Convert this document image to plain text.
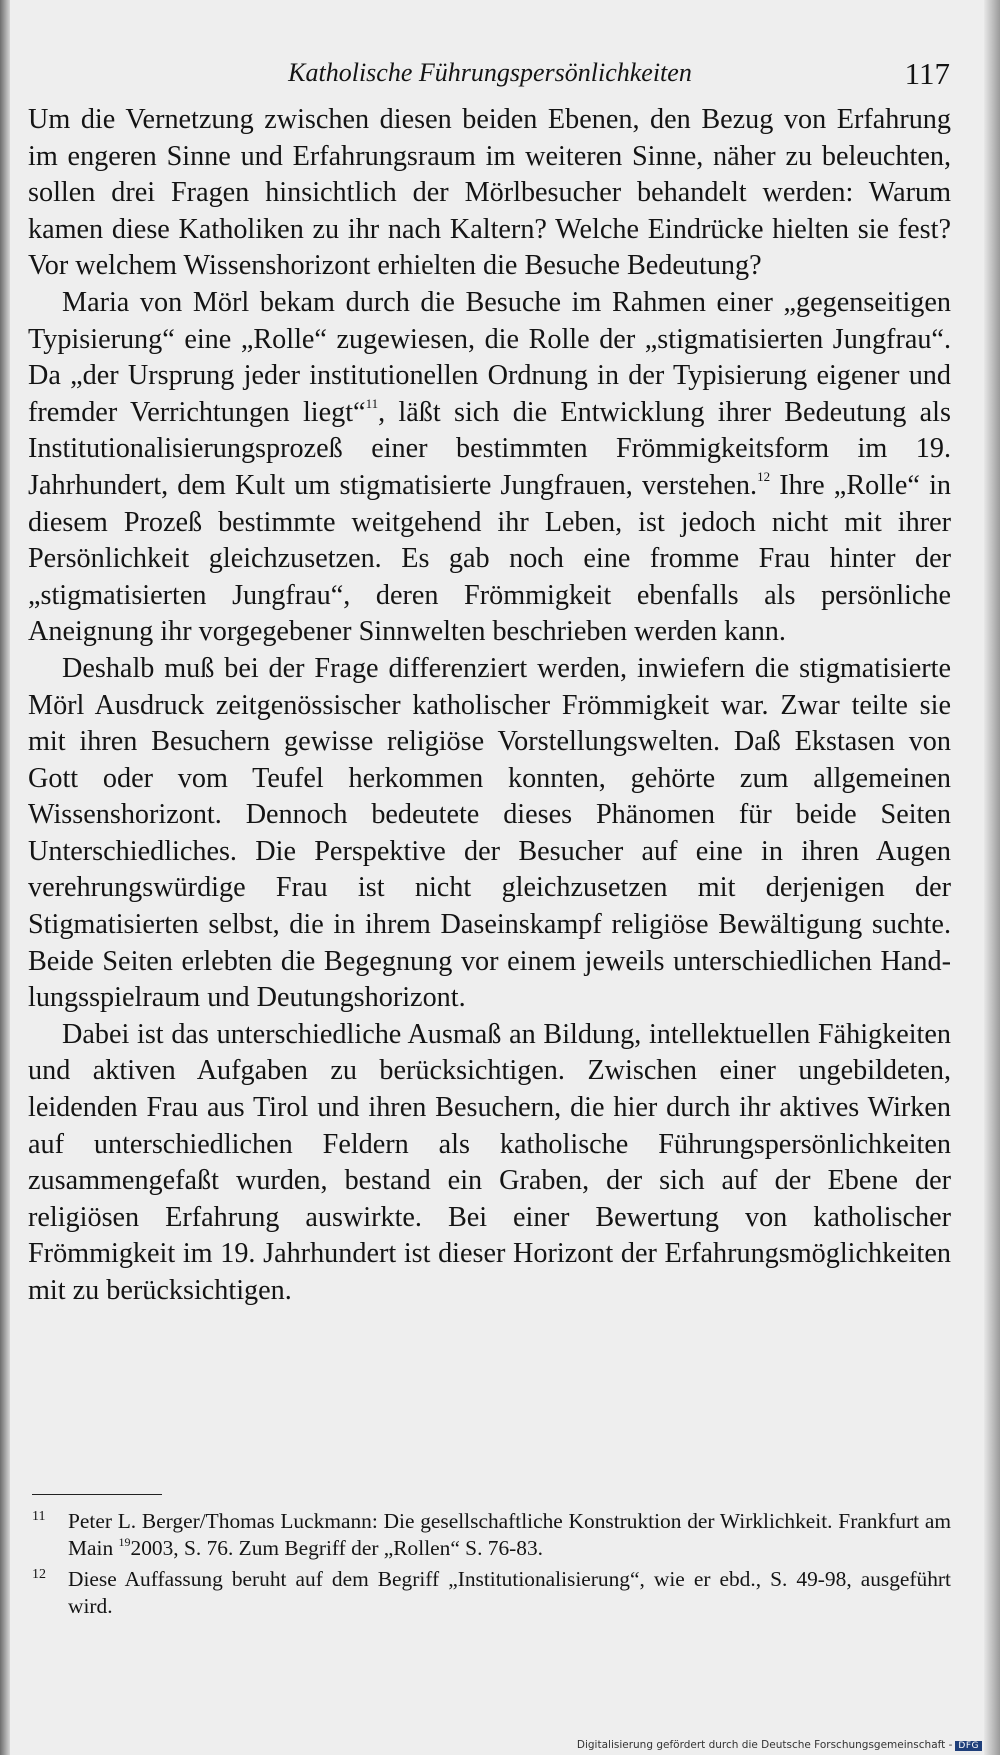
Katholische Führungspersönlichkeiten	117

Um die Vernetzung zwischen diesen beiden Ebenen, den Bezug von Erfahrung im engeren Sinne und Erfahrungsraum im weiteren Sinne, näher zu beleuchten, sollen drei Fragen hinsichtlich der Mörlbesucher behandelt werden: Warum kamen diese Katholiken zu ihr nach Kaltern? Welche Eindrücke hielten sie fest? Vor welchem Wissenshorizont erhielten die Besuche Bedeutung?

Maria von Mörl bekam durch die Besuche im Rahmen einer „gegenseitigen Typisierung“ eine „Rolle“ zugewiesen, die Rolle der „stigmatisierten Jungfrau“. Da „der Ursprung jeder institutionellen Ordnung in der Typisierung eigener und fremder Verrichtungen liegt“$^{11}$, läßt sich die Entwicklung ihrer Bedeutung als Institutionalisierungsprozeß einer bestimmten Frömmigkeitsform im 19. Jahrhundert, dem Kult um stigmatisierte Jungfrauen, verstehen.$^{12}$ Ihre „Rolle“ in diesem Prozeß bestimmte weitgehend ihr Leben, ist jedoch nicht mit ihrer Persönlichkeit gleichzusetzen. Es gab noch eine fromme Frau hinter der „stigmatisierten Jungfrau“, deren Frömmigkeit ebenfalls als persönliche Aneignung ihr vorgegebener Sinnwelten beschrieben werden kann.

Deshalb muß bei der Frage differenziert werden, inwiefern die stigmatisierte Mörl Ausdruck zeitgenössischer katholischer Frömmigkeit war. Zwar teilte sie mit ihren Besuchern gewisse religiöse Vorstellungswelten. Daß Ekstasen von Gott oder vom Teufel herkommen konnten, gehörte zum allgemeinen Wissenshorizont. Dennoch bedeutete dieses Phänomen für beide Seiten Unterschiedliches. Die Perspektive der Besucher auf eine in ihren Augen verehrungswürdige Frau ist nicht gleichzusetzen mit derjenigen der Stigmatisierten selbst, die in ihrem Daseinskampf religiöse Bewältigung suchte. Beide Seiten erlebten die Begegnung vor einem jeweils unterschiedlichen Handlungsspielraum und Deutungshorizont.

Dabei ist das unterschiedliche Ausmaß an Bildung, intellektuellen Fähigkeiten und aktiven Aufgaben zu berücksichtigen. Zwischen einer ungebildeten, leidenden Frau aus Tirol und ihren Besuchern, die hier durch ihr aktives Wirken auf unterschiedlichen Feldern als katholische Führungspersönlichkeiten zusammengefaßt wurden, bestand ein Graben, der sich auf der Ebene der religiösen Erfahrung auswirkte. Bei einer Bewertung von katholischer Frömmigkeit im 19. Jahrhundert ist dieser Horizont der Erfahrungsmöglichkeiten mit zu berücksichtigen.

11 Peter L. Berger/Thomas Luckmann: Die gesellschaftliche Konstruktion der Wirklichkeit. Frankfurt am Main $^{19}$2003, S. 76. Zum Begriff der „Rollen“ S. 76-83.
12 Diese Auffassung beruht auf dem Begriff „Institutionalisierung“, wie er ebd., S. 49-98, ausgeführt wird.
Digitalisierung gefördert durch die Deutsche Forschungsgemeinschaft - DFG
